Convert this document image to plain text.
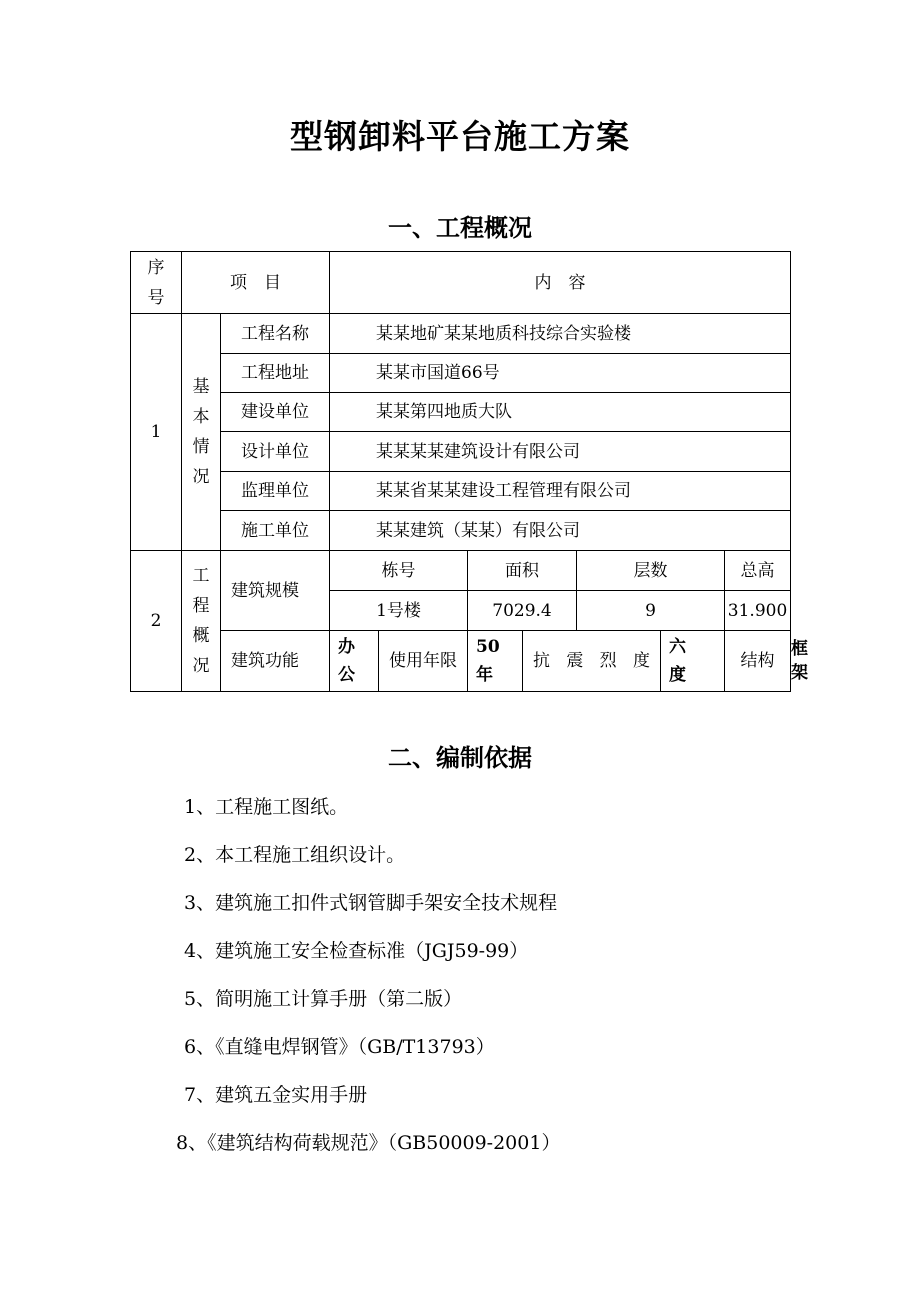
型钢卸料平台施工方案
一、工程概况
序号	项　目		内　容							
1	基本情况	工程名称	某某地矿某某地质科技综合实验楼							
		工程地址	某某市国道66号							
		建设单位	某某第四地质大队							
		设计单位	某某某某建筑设计有限公司							
		监理单位	某某省某某建设工程管理有限公司							
		施工单位	某某建筑（某某）有限公司							
2	工程概况	建筑规模	栋号		面积		层数		总高	
			1号楼		7029.4		9		31.900	
		建筑功能	办公	使用年限	50年	抗震烈度		六度	结构	框架
二、编制依据
1、工程施工图纸。
2、本工程施工组织设计。
3、建筑施工扣件式钢管脚手架安全技术规程
4、建筑施工安全检查标准（JGJ59-99）
5、简明施工计算手册（第二版）
6、《直缝电焊钢管》（GB/T13793）
7、建筑五金实用手册
8、《建筑结构荷载规范》（GB50009-2001）
